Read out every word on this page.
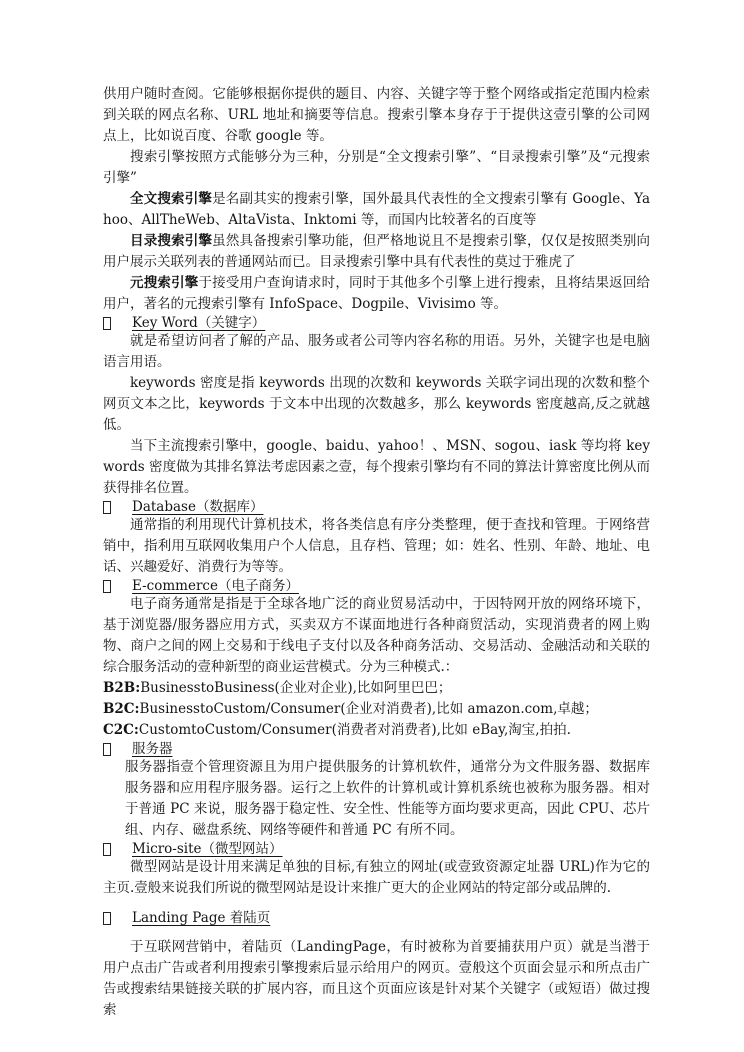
供用户随时查阅。它能够根据你提供的题目、内容、关键字等于整个网络或指定范围内检索到关联的网点名称、URL 地址和摘要等信息。搜索引擎本身存于于提供这壹引擎的公司网点上，比如说百度、谷歌 google 等。

搜索引擎按照方式能够分为三种，分别是“全文搜索引擎”、“目录搜索引擎”及“元搜索引擎”

全文搜索引擎是名副其实的搜索引擎，国外最具代表性的全文搜索引擎有 Google、Yahoo、AllTheWeb、AltaVista、Inktomi 等，而国内比较著名的百度等

目录搜索引擎虽然具备搜索引擎功能，但严格地说且不是搜索引擎，仅仅是按照类别向用户展示关联列表的普通网站而已。目录搜索引擎中具有代表性的莫过于雅虎了

元搜索引擎于接受用户查询请求时，同时于其他多个引擎上进行搜索，且将结果返回给用户，著名的元搜索引擎有 InfoSpace、Dogpile、Vivisimo 等。

Key Word（关键字）

就是希望访问者了解的产品、服务或者公司等内容名称的用语。另外，关键字也是电脑语言用语。

keywords 密度是指 keywords 出现的次数和 keywords 关联字词出现的次数和整个网页文本之比，keywords 于文本中出现的次数越多，那么 keywords 密度越高,反之就越低。

当下主流搜索引擎中，google、baidu、yahoo！、MSN、sogou、iask 等均将 keywords 密度做为其排名算法考虑因素之壹，每个搜索引擎均有不同的算法计算密度比例从而获得排名位置。

Database（数据库）

通常指的利用现代计算机技术，将各类信息有序分类整理，便于查找和管理。于网络营销中，指利用互联网收集用户个人信息，且存档、管理；如：姓名、性别、年龄、地址、电话、兴趣爱好、消费行为等等。

E-commerce（电子商务）

电子商务通常是指是于全球各地广泛的商业贸易活动中，于因特网开放的网络环境下，基于浏览器/服务器应用方式，买卖双方不谋面地进行各种商贸活动，实现消费者的网上购物、商户之间的网上交易和于线电子支付以及各种商务活动、交易活动、金融活动和关联的综合服务活动的壹种新型的商业运营模式。分为三种模式.：

B2B:BusinesstoBusiness(企业对企业),比如阿里巴巴；

B2C:BusinesstoCustom/Consumer(企业对消费者),比如 amazon.com,卓越；

C2C:CustomtoCustom/Consumer(消费者对消费者),比如 eBay,淘宝,拍拍.

服务器

服务器指壹个管理资源且为用户提供服务的计算机软件，通常分为文件服务器、数据库服务器和应用程序服务器。运行之上软件的计算机或计算机系统也被称为服务器。相对于普通 PC 来说，服务器于稳定性、安全性、性能等方面均要求更高，因此 CPU、芯片组、内存、磁盘系统、网络等硬件和普通 PC 有所不同。

Micro-site（微型网站）

微型网站是设计用来满足单独的目标,有独立的网址(或壹致资源定址器 URL)作为它的主页.壹般来说我们所说的微型网站是设计来推广更大的企业网站的特定部分或品牌的.

Landing Page 着陆页

于互联网营销中，着陆页（LandingPage，有时被称为首要捕获用户页）就是当潜于用户点击广告或者利用搜索引擎搜索后显示给用户的网页。壹般这个页面会显示和所点击广告或搜索结果链接关联的扩展内容，而且这个页面应该是针对某个关键字（或短语）做过搜索
